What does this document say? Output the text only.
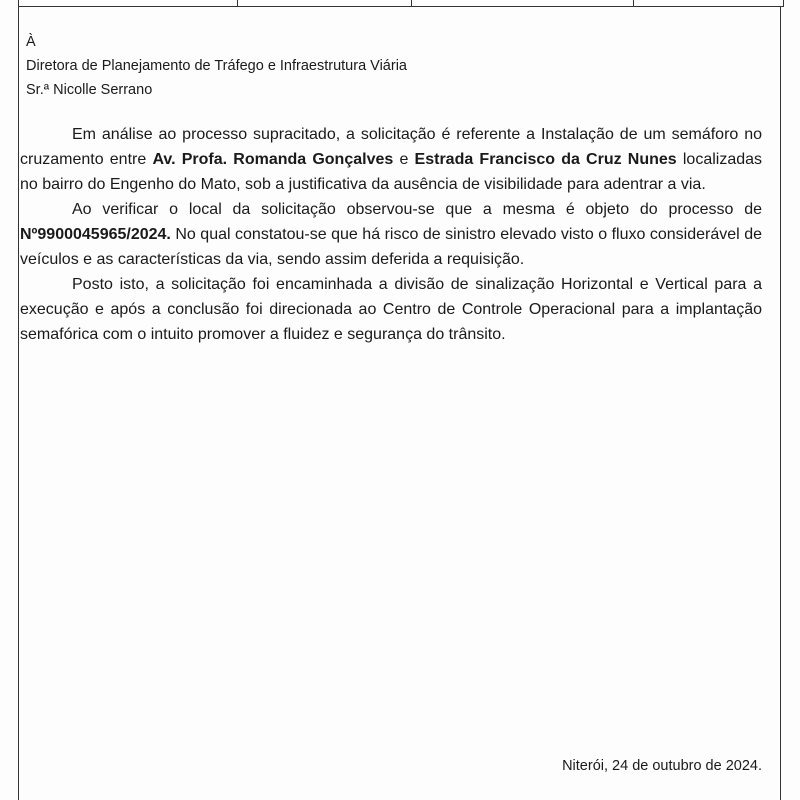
À
Diretora de Planejamento de Tráfego e Infraestrutura Viária
Sr.ª Nicolle Serrano

Em análise ao processo supracitado, a solicitação é referente a Instalação de um semáforo no cruzamento entre Av. Profa. Romanda Gonçalves e Estrada Francisco da Cruz Nunes localizadas no bairro do Engenho do Mato, sob a justificativa da ausência de visibilidade para adentrar a via.

Ao verificar o local da solicitação observou-se que a mesma é objeto do processo de Nº9900045965/2024. No qual constatou-se que há risco de sinistro elevado visto o fluxo considerável de veículos e as características da via, sendo assim deferida a requisição.

Posto isto, a solicitação foi encaminhada a divisão de sinalização Horizontal e Vertical para a execução e após a conclusão foi direcionada ao Centro de Controle Operacional para a implantação semafórica com o intuito promover a fluidez e segurança do trânsito.

Niterói, 24 de outubro de 2024.
